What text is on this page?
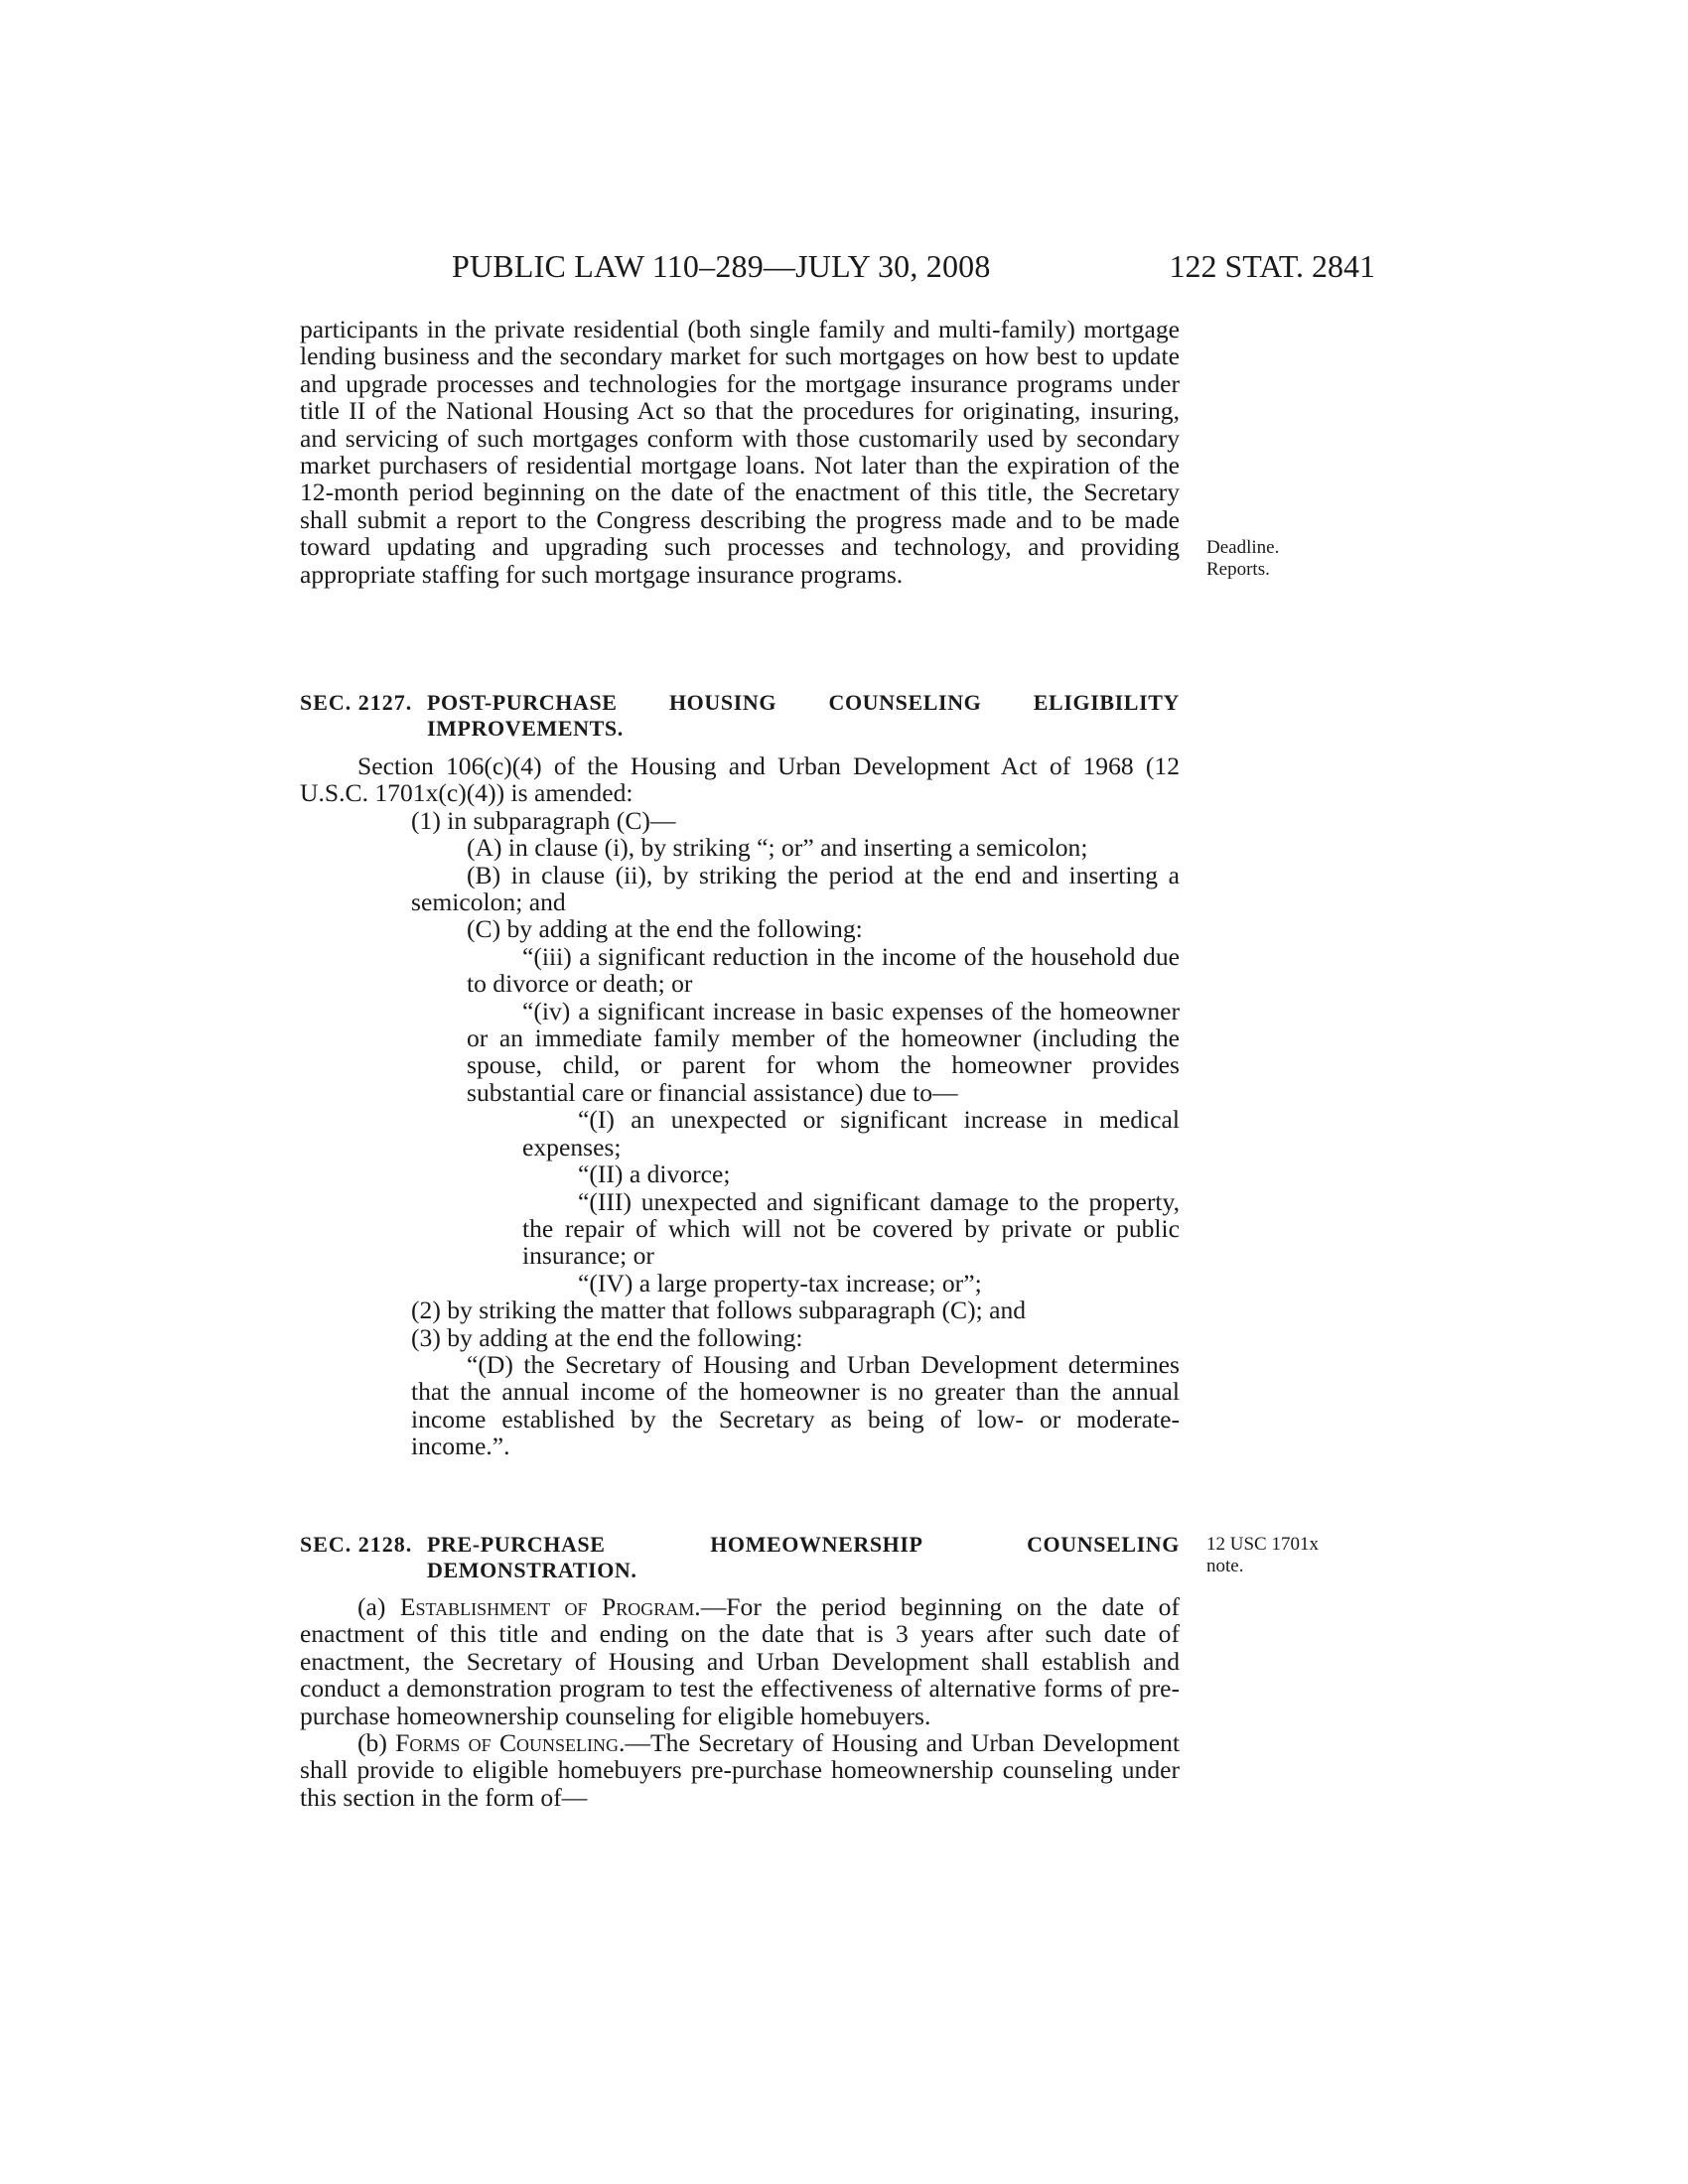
PUBLIC LAW 110–289—JULY 30, 2008	122 STAT. 2841

participants in the private residential (both single family and multi-family) mortgage lending business and the secondary market for such mortgages on how best to update and upgrade processes and technologies for the mortgage insurance programs under title II of the National Housing Act so that the procedures for originating, insuring, and servicing of such mortgages conform with those customarily used by secondary market purchasers of residential mortgage loans. Not later than the expiration of the 12-month period beginning on the date of the enactment of this title, the Secretary shall submit a report to the Congress describing the progress made and to be made toward updating and upgrading such processes and technology, and providing appropriate staffing for such mortgage insurance programs.

Deadline.
Reports.
SEC. 2127. POST-PURCHASE HOUSING COUNSELING ELIGIBILITY IMPROVEMENTS.

Section 106(c)(4) of the Housing and Urban Development Act of 1968 (12 U.S.C. 1701x(c)(4)) is amended:

(1) in subparagraph (C)—

(A) in clause (i), by striking “; or” and inserting a semicolon;

(B) in clause (ii), by striking the period at the end and inserting a semicolon; and

(C) by adding at the end the following:

“(iii) a significant reduction in the income of the household due to divorce or death; or

“(iv) a significant increase in basic expenses of the homeowner or an immediate family member of the homeowner (including the spouse, child, or parent for whom the homeowner provides substantial care or financial assistance) due to—

“(I) an unexpected or significant increase in medical expenses;

“(II) a divorce;

“(III) unexpected and significant damage to the property, the repair of which will not be covered by private or public insurance; or

“(IV) a large property-tax increase; or”;

(2) by striking the matter that follows subparagraph (C); and

(3) by adding at the end the following:

“(D) the Secretary of Housing and Urban Development determines that the annual income of the homeowner is no greater than the annual income established by the Secretary as being of low- or moderate-income.”.

SEC. 2128. PRE-PURCHASE HOMEOWNERSHIP COUNSELING DEMONSTRATION.
12 USC 1701x
note.

(a) Establishment of Program.—For the period beginning on the date of enactment of this title and ending on the date that is 3 years after such date of enactment, the Secretary of Housing and Urban Development shall establish and conduct a demonstration program to test the effectiveness of alternative forms of pre-purchase homeownership counseling for eligible homebuyers.

(b) Forms of Counseling.—The Secretary of Housing and Urban Development shall provide to eligible homebuyers pre-purchase homeownership counseling under this section in the form of—
